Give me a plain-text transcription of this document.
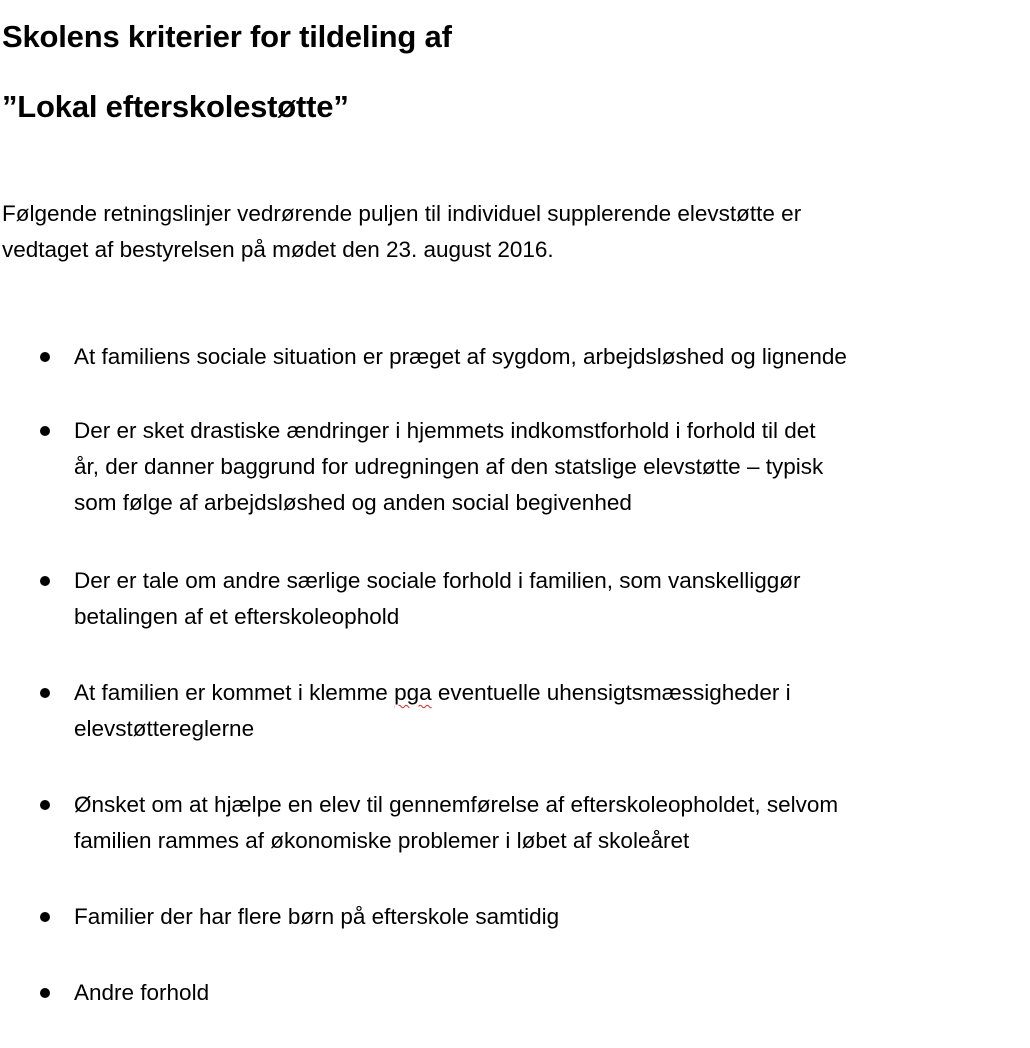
Skolens kriterier for tildeling af
”Lokal efterskolestøtte”

Følgende retningslinjer vedrørende puljen til individuel supplerende elevstøtte er
vedtaget af bestyrelsen på mødet den 23. august 2016.

At familiens sociale situation er præget af sygdom, arbejdsløshed og lignende
Der er sket drastiske ændringer i hjemmets indkomstforhold i forhold til det
år, der danner baggrund for udregningen af den statslige elevstøtte – typisk
som følge af arbejdsløshed og anden social begivenhed
Der er tale om andre særlige sociale forhold i familien, som vanskelliggør
betalingen af et efterskoleophold
At familien er kommet i klemme pga eventuelle uhensigtsmæssigheder i
elevstøttereglerne
Ønsket om at hjælpe en elev til gennemførelse af efterskoleopholdet, selvom
familien rammes af økonomiske problemer i løbet af skoleåret
Familier der har flere børn på efterskole samtidig
Andre forhold
